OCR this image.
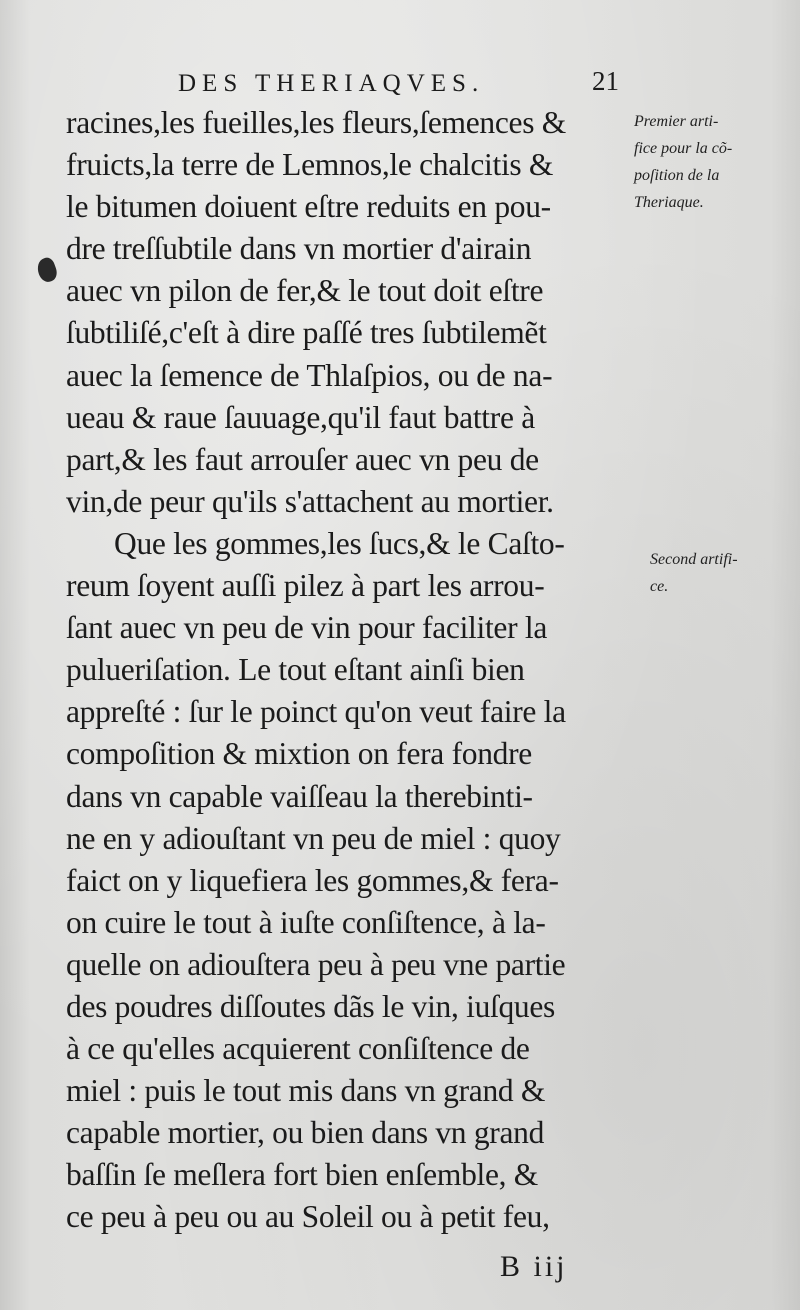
DES THERIAQVES.	21
racines,les fueilles,les fleurs,ſemences &
fruicts,la terre de Lemnos,le chalcitis &
le bitumen doiuent eſtre reduits en pou-
dre treſſubtile dans vn mortier d'airain
auec vn pilon de fer,& le tout doit eſtre
ſubtiliſé,c'eſt à dire paſſé tres ſubtilemẽt
auec la ſemence de Thlaſpios, ou de na-
ueau & raue ſauuage,qu'il faut battre à
part,& les faut arrouſer auec vn peu de
vin,de peur qu'ils s'attachent au mortier.
Que les gommes,les ſucs,& le Caſto-
reum ſoyent auſſi pilez à part les arrou-
ſant auec vn peu de vin pour faciliter la
pulueriſation. Le tout eſtant ainſi bien
appreſté : ſur le poinct qu'on veut faire la
compoſition & mixtion on fera fondre
dans vn capable vaiſſeau la therebinti-
ne en y adiouſtant vn peu de miel : quoy
faict on y liquefiera les gommes,& fera-
on cuire le tout à iuſte conſiſtence, à la-
quelle on adiouſtera peu à peu vne partie
des poudres diſſoutes dãs le vin, iuſques
à ce qu'elles acquierent conſiſtence de
miel : puis le tout mis dans vn grand &
capable mortier, ou bien dans vn grand
baſſin ſe meſlera fort bien enſemble, &
ce peu à peu ou au Soleil ou à petit feu,
Premier arti-
fice pour la cõ-
poſition de la
Theriaque.
Second artifi-
ce.
B iij
